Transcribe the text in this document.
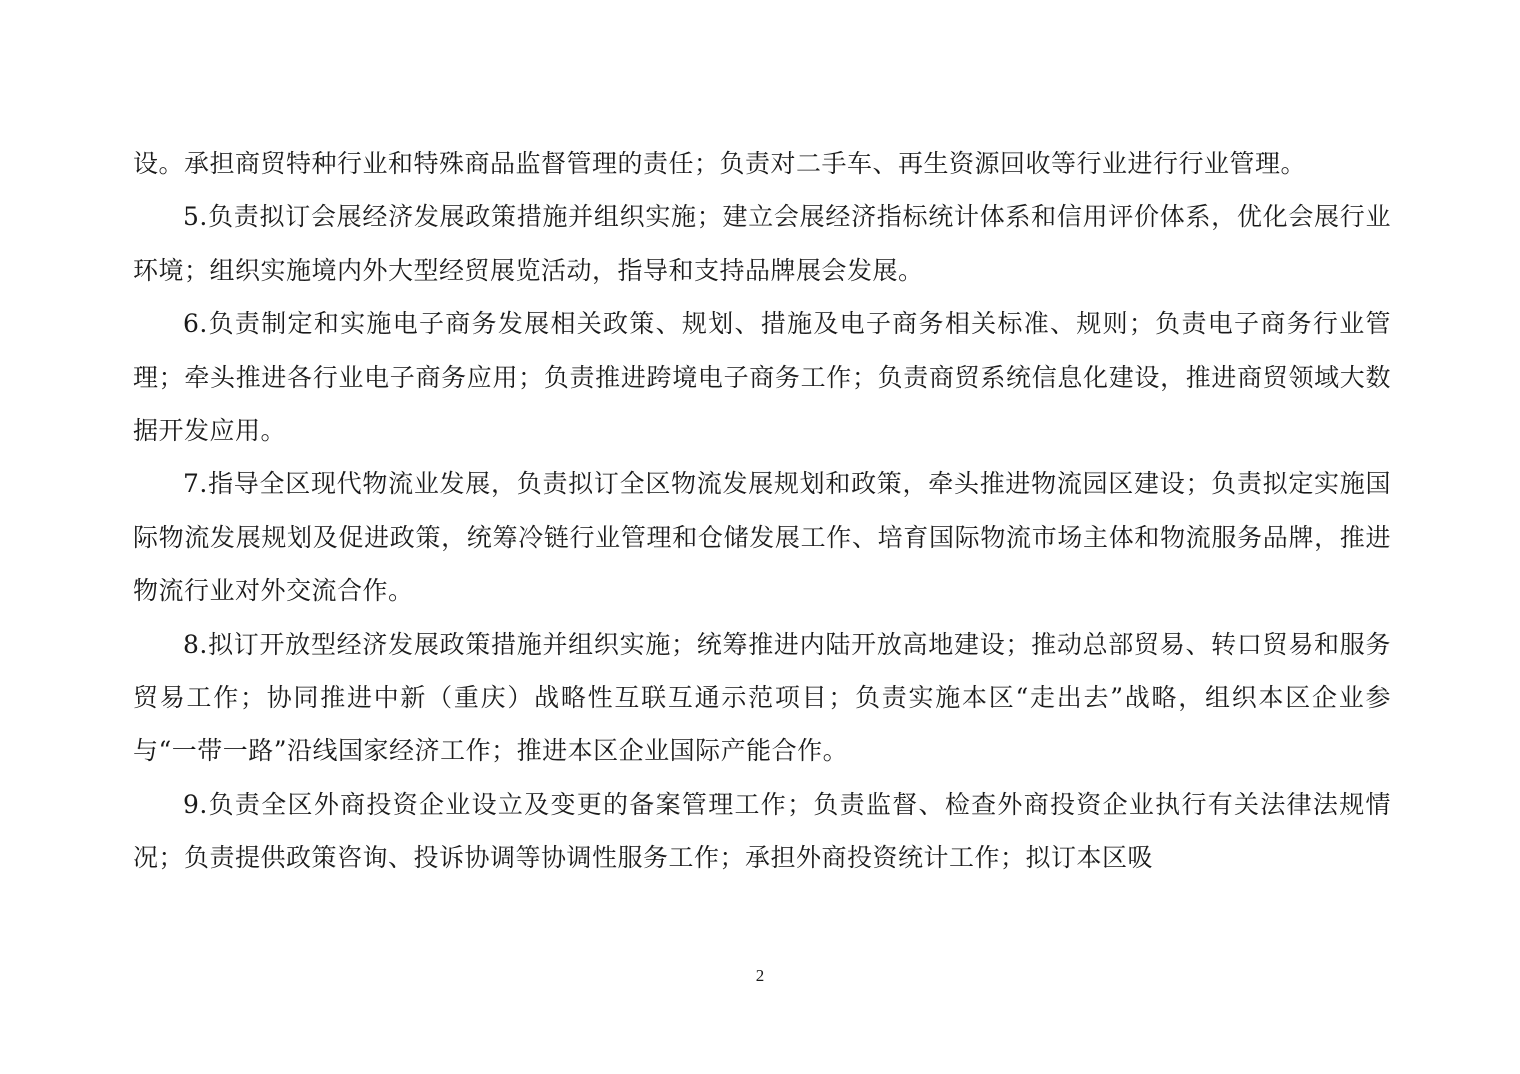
设。承担商贸特种行业和特殊商品监督管理的责任；负责对二手车、再生资源回收等行业进行行业管理。

5.负责拟订会展经济发展政策措施并组织实施；建立会展经济指标统计体系和信用评价体系，优化会展行业环境；组织实施境内外大型经贸展览活动，指导和支持品牌展会发展。

6.负责制定和实施电子商务发展相关政策、规划、措施及电子商务相关标准、规则；负责电子商务行业管理；牵头推进各行业电子商务应用；负责推进跨境电子商务工作；负责商贸系统信息化建设，推进商贸领域大数据开发应用。

7.指导全区现代物流业发展，负责拟订全区物流发展规划和政策，牵头推进物流园区建设；负责拟定实施国际物流发展规划及促进政策，统筹冷链行业管理和仓储发展工作、培育国际物流市场主体和物流服务品牌，推进物流行业对外交流合作。

8.拟订开放型经济发展政策措施并组织实施；统筹推进内陆开放高地建设；推动总部贸易、转口贸易和服务贸易工作；协同推进中新（重庆）战略性互联互通示范项目；负责实施本区“走出去”战略，组织本区企业参与“一带一路”沿线国家经济工作；推进本区企业国际产能合作。

9.负责全区外商投资企业设立及变更的备案管理工作；负责监督、检查外商投资企业执行有关法律法规情况；负责提供政策咨询、投诉协调等协调性服务工作；承担外商投资统计工作；拟订本区吸

2
